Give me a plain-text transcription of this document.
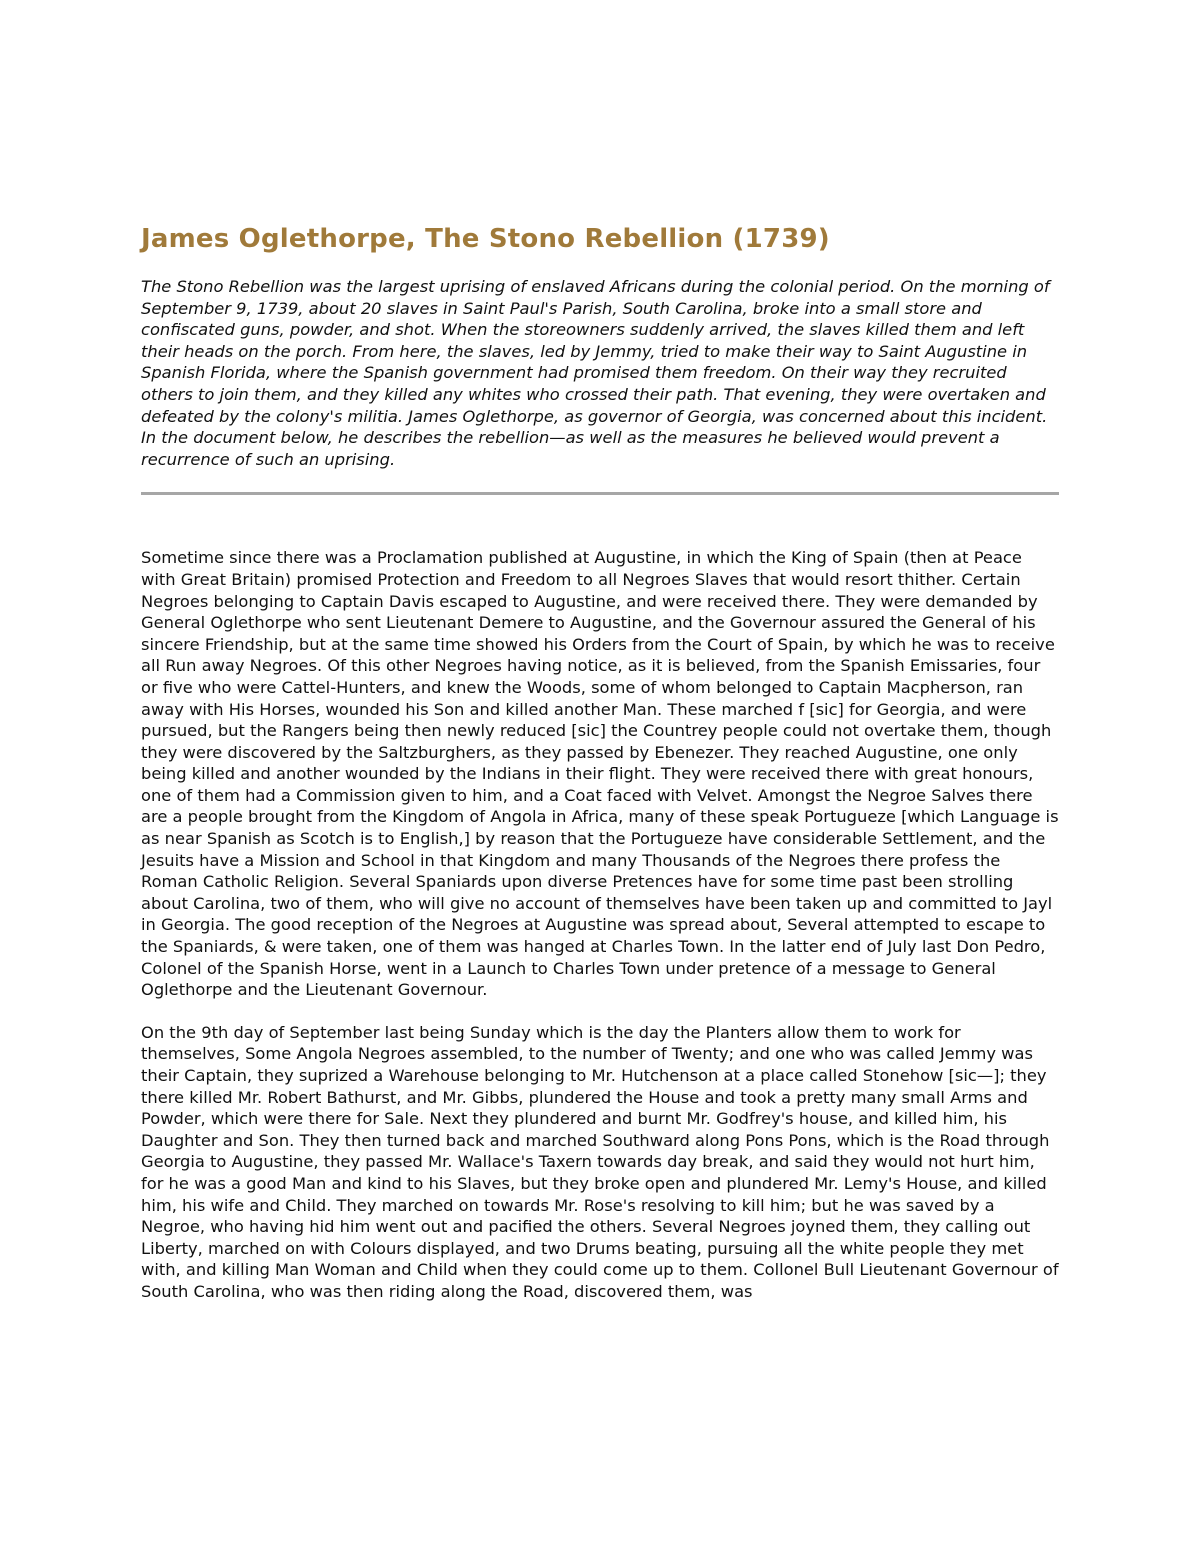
James Oglethorpe, The Stono Rebellion (1739)

The Stono Rebellion was the largest uprising of enslaved Africans during the colonial period. On the morning of September 9, 1739, about 20 slaves in Saint Paul's Parish, South Carolina, broke into a small store and confiscated guns, powder, and shot. When the storeowners suddenly arrived, the slaves killed them and left their heads on the porch. From here, the slaves, led by Jemmy, tried to make their way to Saint Augustine in Spanish Florida, where the Spanish government had promised them freedom. On their way they recruited others to join them, and they killed any whites who crossed their path. That evening, they were overtaken and defeated by the colony's militia. James Oglethorpe, as governor of Georgia, was concerned about this incident. In the document below, he describes the rebellion—as well as the measures he believed would prevent a recurrence of such an uprising.

Sometime since there was a Proclamation published at Augustine, in which the King of Spain (then at Peace with Great Britain) promised Protection and Freedom to all Negroes Slaves that would resort thither. Certain Negroes belonging to Captain Davis escaped to Augustine, and were received there. They were demanded by General Oglethorpe who sent Lieutenant Demere to Augustine, and the Governour assured the General of his sincere Friendship, but at the same time showed his Orders from the Court of Spain, by which he was to receive all Run away Negroes. Of this other Negroes having notice, as it is believed, from the Spanish Emissaries, four or five who were Cattel-Hunters, and knew the Woods, some of whom belonged to Captain Macpherson, ran away with His Horses, wounded his Son and killed another Man. These marched f [sic] for Georgia, and were pursued, but the Rangers being then newly reduced [sic] the Countrey people could not overtake them, though they were discovered by the Saltzburghers, as they passed by Ebenezer. They reached Augustine, one only being killed and another wounded by the Indians in their flight. They were received there with great honours, one of them had a Commission given to him, and a Coat faced with Velvet. Amongst the Negroe Salves there are a people brought from the Kingdom of Angola in Africa, many of these speak Portugueze [which Language is as near Spanish as Scotch is to English,] by reason that the Portugueze have considerable Settlement, and the Jesuits have a Mission and School in that Kingdom and many Thousands of the Negroes there profess the Roman Catholic Religion. Several Spaniards upon diverse Pretences have for some time past been strolling about Carolina, two of them, who will give no account of themselves have been taken up and committed to Jayl in Georgia. The good reception of the Negroes at Augustine was spread about, Several attempted to escape to the Spaniards, & were taken, one of them was hanged at Charles Town. In the latter end of July last Don Pedro, Colonel of the Spanish Horse, went in a Launch to Charles Town under pretence of a message to General Oglethorpe and the Lieutenant Governour.

On the 9th day of September last being Sunday which is the day the Planters allow them to work for themselves, Some Angola Negroes assembled, to the number of Twenty; and one who was called Jemmy was their Captain, they suprized a Warehouse belonging to Mr. Hutchenson at a place called Stonehow [sic—]; they there killed Mr. Robert Bathurst, and Mr. Gibbs, plundered the House and took a pretty many small Arms and Powder, which were there for Sale. Next they plundered and burnt Mr. Godfrey's house, and killed him, his Daughter and Son. They then turned back and marched Southward along Pons Pons, which is the Road through Georgia to Augustine, they passed Mr. Wallace's Taxern towards day break, and said they would not hurt him, for he was a good Man and kind to his Slaves, but they broke open and plundered Mr. Lemy's House, and killed him, his wife and Child. They marched on towards Mr. Rose's resolving to kill him; but he was saved by a Negroe, who having hid him went out and pacified the others. Several Negroes joyned them, they calling out Liberty, marched on with Colours displayed, and two Drums beating, pursuing all the white people they met with, and killing Man Woman and Child when they could come up to them. Collonel Bull Lieutenant Governour of South Carolina, who was then riding along the Road, discovered them, was
